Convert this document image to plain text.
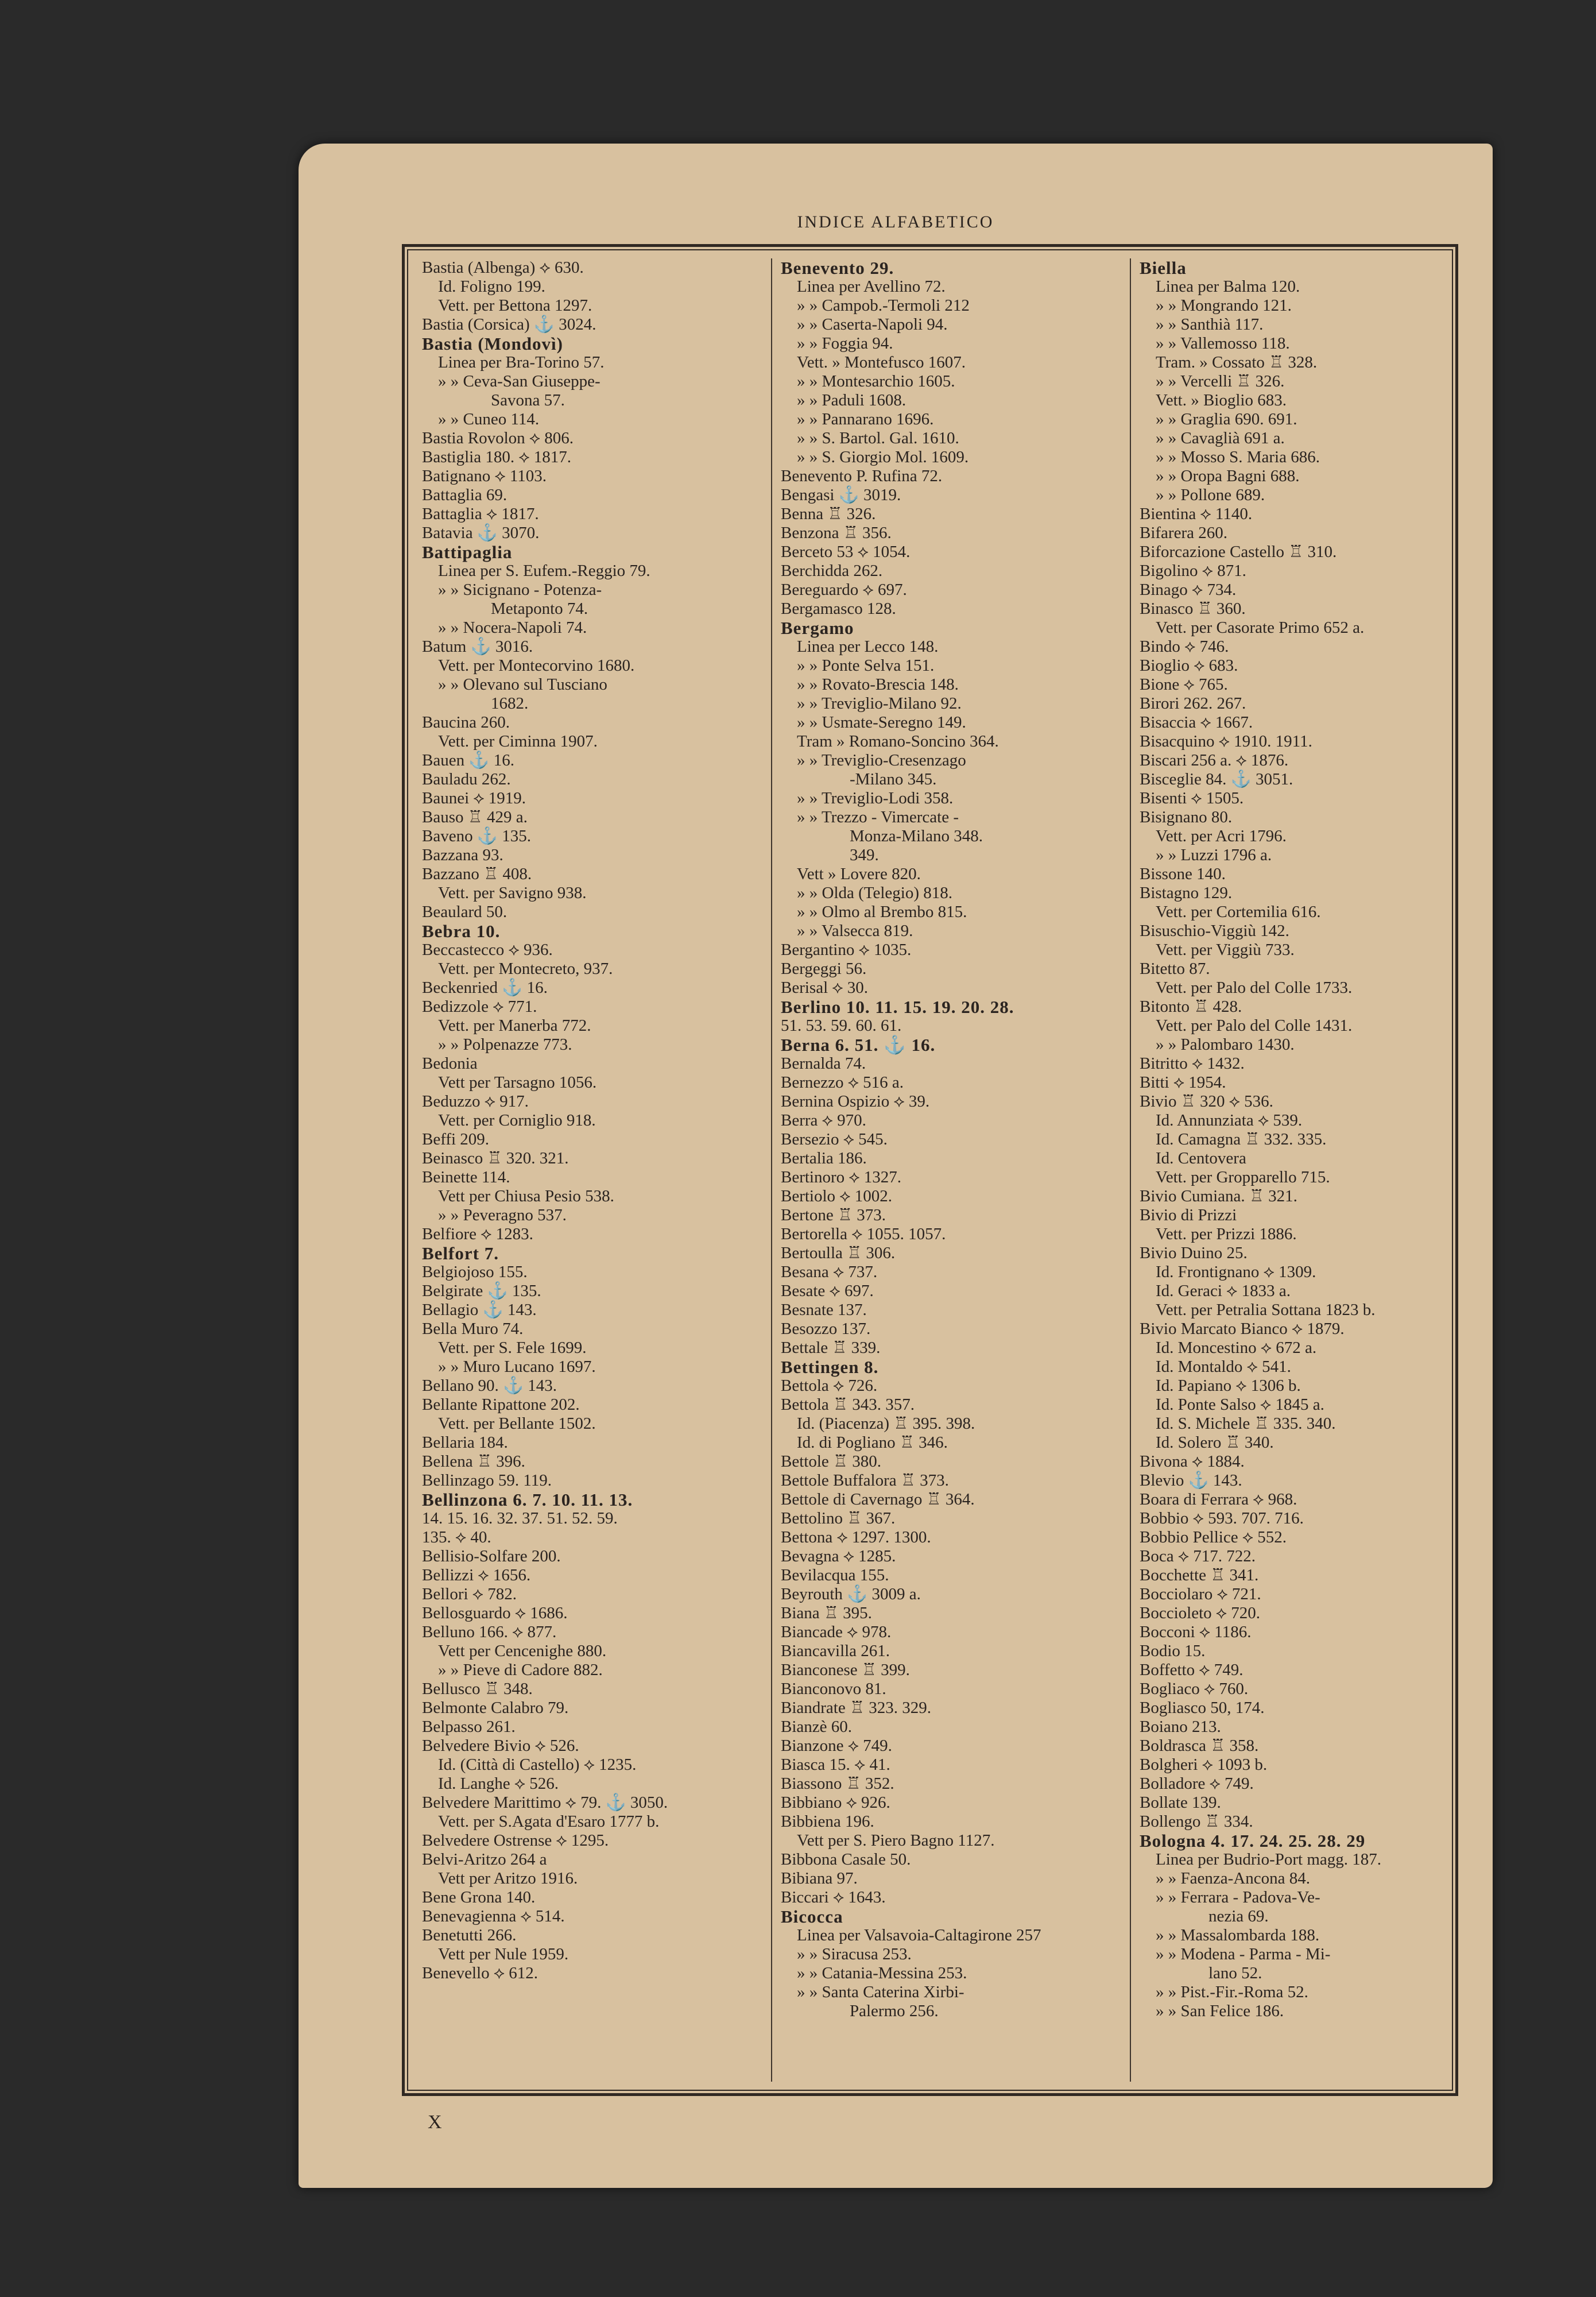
INDICE ALFABETICO
Bastia (Albenga) ⟡ 630.
Id. Foligno 199.
Vett. per Bettona 1297.
Bastia (Corsica) ⚓ 3024.
Bastia (Mondovì)
Linea per Bra-Torino 57.
» » Ceva-San Giuseppe-
Savona 57.
» » Cuneo 114.
Bastia Rovolon ⟡ 806.
Bastiglia 180. ⟡ 1817.
Batignano ⟡ 1103.
Battaglia 69.
Battaglia ⟡ 1817.
Batavia ⚓ 3070.
Battipaglia
Linea per S. Eufem.-Reggio 79.
» » Sicignano - Potenza-
Metaponto 74.
» » Nocera-Napoli 74.
Batum ⚓ 3016.
Vett. per Montecorvino 1680.
» » Olevano sul Tusciano
1682.
Baucina 260.
Vett. per Ciminna 1907.
Bauen ⚓ 16.
Bauladu 262.
Baunei ⟡ 1919.
Bauso ♖ 429 a.
Baveno ⚓ 135.
Bazzana 93.
Bazzano ♖ 408.
Vett. per Savigno 938.
Beaulard 50.
Bebra 10.
Beccastecco ⟡ 936.
Vett. per Montecreto, 937.
Beckenried ⚓ 16.
Bedizzole ⟡ 771.
Vett. per Manerba 772.
» » Polpenazze 773.
Bedonia
Vett per Tarsagno 1056.
Beduzzo ⟡ 917.
Vett. per Corniglio 918.
Beffi 209.
Beinasco ♖ 320. 321.
Beinette 114.
Vett per Chiusa Pesio 538.
» » Peveragno 537.
Belfiore ⟡ 1283.
Belfort 7.
Belgiojoso 155.
Belgirate ⚓ 135.
Bellagio ⚓ 143.
Bella Muro 74.
Vett. per S. Fele 1699.
» » Muro Lucano 1697.
Bellano 90. ⚓ 143.
Bellante Ripattone 202.
Vett. per Bellante 1502.
Bellaria 184.
Bellena ♖ 396.
Bellinzago 59. 119.
Bellinzona 6. 7. 10. 11. 13.
14. 15. 16. 32. 37. 51. 52. 59.
135. ⟡ 40.
Bellisio-Solfare 200.
Bellizzi ⟡ 1656.
Bellori ⟡ 782.
Bellosguardo ⟡ 1686.
Belluno 166. ⟡ 877.
Vett per Cencenighe 880.
» » Pieve di Cadore 882.
Bellusco ♖ 348.
Belmonte Calabro 79.
Belpasso 261.
Belvedere Bivio ⟡ 526.
Id. (Città di Castello) ⟡ 1235.
Id. Langhe ⟡ 526.
Belvedere Marittimo ⟡ 79. ⚓ 3050.
Vett. per S.Agata d'Esaro 1777 b.
Belvedere Ostrense ⟡ 1295.
Belvi-Aritzo 264 a
Vett per Aritzo 1916.
Bene Grona 140.
Benevagienna ⟡ 514.
Benetutti 266.
Vett per Nule 1959.
Benevello ⟡ 612.
Benevento 29.
Linea per Avellino 72.
» » Campob.-Termoli 212
» » Caserta-Napoli 94.
» » Foggia 94.
Vett. » Montefusco 1607.
» » Montesarchio 1605.
» » Paduli 1608.
» » Pannarano 1696.
» » S. Bartol. Gal. 1610.
» » S. Giorgio Mol. 1609.
Benevento P. Rufina 72.
Bengasi ⚓ 3019.
Benna ♖ 326.
Benzona ♖ 356.
Berceto 53 ⟡ 1054.
Berchidda 262.
Bereguardo ⟡ 697.
Bergamasco 128.
Bergamo
Linea per Lecco 148.
» » Ponte Selva 151.
» » Rovato-Brescia 148.
» » Treviglio-Milano 92.
» » Usmate-Seregno 149.
Tram » Romano-Soncino 364.
» » Treviglio-Cresenzago
-Milano 345.
» » Treviglio-Lodi 358.
» » Trezzo - Vimercate -
Monza-Milano 348.
349.
Vett » Lovere 820.
» » Olda (Telegio) 818.
» » Olmo al Brembo 815.
» » Valsecca 819.
Bergantino ⟡ 1035.
Bergeggi 56.
Berisal ⟡ 30.
Berlino 10. 11. 15. 19. 20. 28.
51. 53. 59. 60. 61.
Berna 6. 51. ⚓ 16.
Bernalda 74.
Bernezzo ⟡ 516 a.
Bernina Ospizio ⟡ 39.
Berra ⟡ 970.
Bersezio ⟡ 545.
Bertalia 186.
Bertinoro ⟡ 1327.
Bertiolo ⟡ 1002.
Bertone ♖ 373.
Bertorella ⟡ 1055. 1057.
Bertoulla ♖ 306.
Besana ⟡ 737.
Besate ⟡ 697.
Besnate 137.
Besozzo 137.
Bettale ♖ 339.
Bettingen 8.
Bettola ⟡ 726.
Bettola ♖ 343. 357.
Id. (Piacenza) ♖ 395. 398.
Id. di Pogliano ♖ 346.
Bettole ♖ 380.
Bettole Buffalora ♖ 373.
Bettole di Cavernago ♖ 364.
Bettolino ♖ 367.
Bettona ⟡ 1297. 1300.
Bevagna ⟡ 1285.
Bevilacqua 155.
Beyrouth ⚓ 3009 a.
Biana ♖ 395.
Biancade ⟡ 978.
Biancavilla 261.
Bianconese ♖ 399.
Bianconovo 81.
Biandrate ♖ 323. 329.
Bianzè 60.
Bianzone ⟡ 749.
Biasca 15. ⟡ 41.
Biassono ♖ 352.
Bibbiano ⟡ 926.
Bibbiena 196.
Vett per S. Piero Bagno 1127.
Bibbona Casale 50.
Bibiana 97.
Biccari ⟡ 1643.
Bicocca
Linea per Valsavoia-Caltagirone 257
» » Siracusa 253.
» » Catania-Messina 253.
» » Santa Caterina Xirbi-
Palermo 256.
Biella
Linea per Balma 120.
» » Mongrando 121.
» » Santhià 117.
» » Vallemosso 118.
Tram. » Cossato ♖ 328.
» » Vercelli ♖ 326.
Vett. » Bioglio 683.
» » Graglia 690. 691.
» » Cavaglià 691 a.
» » Mosso S. Maria 686.
» » Oropa Bagni 688.
» » Pollone 689.
Bientina ⟡ 1140.
Bifarera 260.
Biforcazione Castello ♖ 310.
Bigolino ⟡ 871.
Binago ⟡ 734.
Binasco ♖ 360.
Vett. per Casorate Primo 652 a.
Bindo ⟡ 746.
Bioglio ⟡ 683.
Bione ⟡ 765.
Birori 262. 267.
Bisaccia ⟡ 1667.
Bisacquino ⟡ 1910. 1911.
Biscari 256 a. ⟡ 1876.
Bisceglie 84. ⚓ 3051.
Bisenti ⟡ 1505.
Bisignano 80.
Vett. per Acri 1796.
» » Luzzi 1796 a.
Bissone 140.
Bistagno 129.
Vett. per Cortemilia 616.
Bisuschio-Viggiù 142.
Vett. per Viggiù 733.
Bitetto 87.
Vett. per Palo del Colle 1733.
Bitonto ♖ 428.
Vett. per Palo del Colle 1431.
» » Palombaro 1430.
Bitritto ⟡ 1432.
Bitti ⟡ 1954.
Bivio ♖ 320 ⟡ 536.
Id. Annunziata ⟡ 539.
Id. Camagna ♖ 332. 335.
Id. Centovera
Vett. per Gropparello 715.
Bivio Cumiana. ♖ 321.
Bivio di Prizzi
Vett. per Prizzi 1886.
Bivio Duino 25.
Id. Frontignano ⟡ 1309.
Id. Geraci ⟡ 1833 a.
Vett. per Petralia Sottana 1823 b.
Bivio Marcato Bianco ⟡ 1879.
Id. Moncestino ⟡ 672 a.
Id. Montaldo ⟡ 541.
Id. Papiano ⟡ 1306 b.
Id. Ponte Salso ⟡ 1845 a.
Id. S. Michele ♖ 335. 340.
Id. Solero ♖ 340.
Bivona ⟡ 1884.
Blevio ⚓ 143.
Boara di Ferrara ⟡ 968.
Bobbio ⟡ 593. 707. 716.
Bobbio Pellice ⟡ 552.
Boca ⟡ 717. 722.
Bocchette ♖ 341.
Bocciolaro ⟡ 721.
Boccioleto ⟡ 720.
Bocconi ⟡ 1186.
Bodio 15.
Boffetto ⟡ 749.
Bogliaco ⟡ 760.
Bogliasco 50, 174.
Boiano 213.
Boldrasca ♖ 358.
Bolgheri ⟡ 1093 b.
Bolladore ⟡ 749.
Bollate 139.
Bollengo ♖ 334.
Bologna 4. 17. 24. 25. 28. 29
Linea per Budrio-Port magg. 187.
» » Faenza-Ancona 84.
» » Ferrara - Padova-Ve-
nezia 69.
» » Massalombarda 188.
» » Modena - Parma - Mi-
lano 52.
» » Pist.-Fir.-Roma 52.
» » San Felice 186.
X
